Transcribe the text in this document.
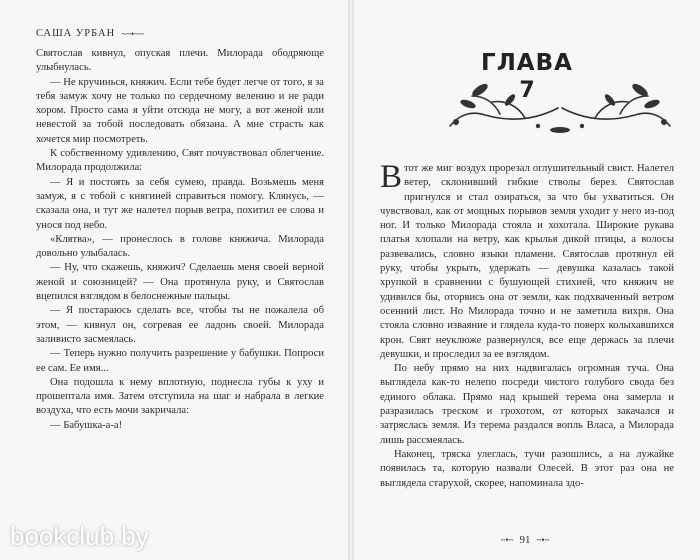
САША УРБАН ~~•~~

Святослав кивнул, опуская плечи. Милорада ободряюще улыбнулась.

— Не кручинься, княжич. Если тебе будет легче от того, я за тебя замуж хочу не только по сердечному велению и не ради хором. Просто сама я уйти отсюда не могу, а вот женой или невестой за тобой последовать обязана. А мне страсть как хочется мир посмотреть.

К собственному удивлению, Свят почувствовал облегчение. Милорада продолжила:

— Я и постоять за себя сумею, правда. Возьмешь меня замуж, я с тобой с княгиней справиться помогу. Клянусь, — сказала она, и тут же налетел порыв ветра, похитил ее слова и унося под небо.

«Клятва», — пронеслось в голове княжича. Милорада довольно улыбалась.

— Ну, что скажешь, княжич? Сделаешь меня своей верной женой и союзницей? — Она протянула руку, и Святослав вцепился взглядом в белоснежные пальцы.

— Я постараюсь сделать все, чтобы ты не пожалела об этом, — кивнул он, согревая ее ладонь своей. Милорада заливисто засмеялась.

— Теперь нужно получить разрешение у бабушки. Попроси ее сам. Ее имя...

Она подошла к нему вплотную, поднесла губы к уху и прошептала имя. Затем отступила на шаг и набрала в легкие воздуха, что есть мочи закричала:

— Бабушка-а-а!

ГЛАВА
7

Втот же миг воздух прорезал оглушительный свист. Налетел ветер, склонивший гибкие стволы берез. Святослав пригнулся и стал озираться, за что бы ухватиться. Он чувствовал, как от мощных порывов земля уходит у него из-под ног. И только Милорада стояла и хохотала. Широкие рукава платья хлопали на ветру, как крылья дикой птицы, а волосы развевались, словно языки пламени. Святослав протянул ей руку, чтобы укрыть, удержать — девушка казалась такой хрупкой в сравнении с бушующей стихией, что княжич не удивился бы, оторвись она от земли, как подхваченный ветром осенний лист. Но Милорада точно и не заметила вихря. Она стояла словно изваяние и глядела куда-то поверх колыхавшихся крон. Свят неуклюже развернулся, все еще держась за плечи девушки, и проследил за ее взглядом.

По небу прямо на них надвигалась огромная туча. Она выглядела как-то нелепо посреди чистого голубого свода без единого облака. Прямо над крышей терема она замерла и разразилась треском и грохотом, от которых закачался и затряслась земля. Из терема раздался вопль Власа, а Милорада лишь рассмеялась.

Наконец, тряска улеглась, тучи разошлись, а на лужайке появилась та, которую назвали Олесей. В этот раз она не выглядела старухой, скорее, напоминала здо-

~•~ 91 ~•~
bookclub.by
